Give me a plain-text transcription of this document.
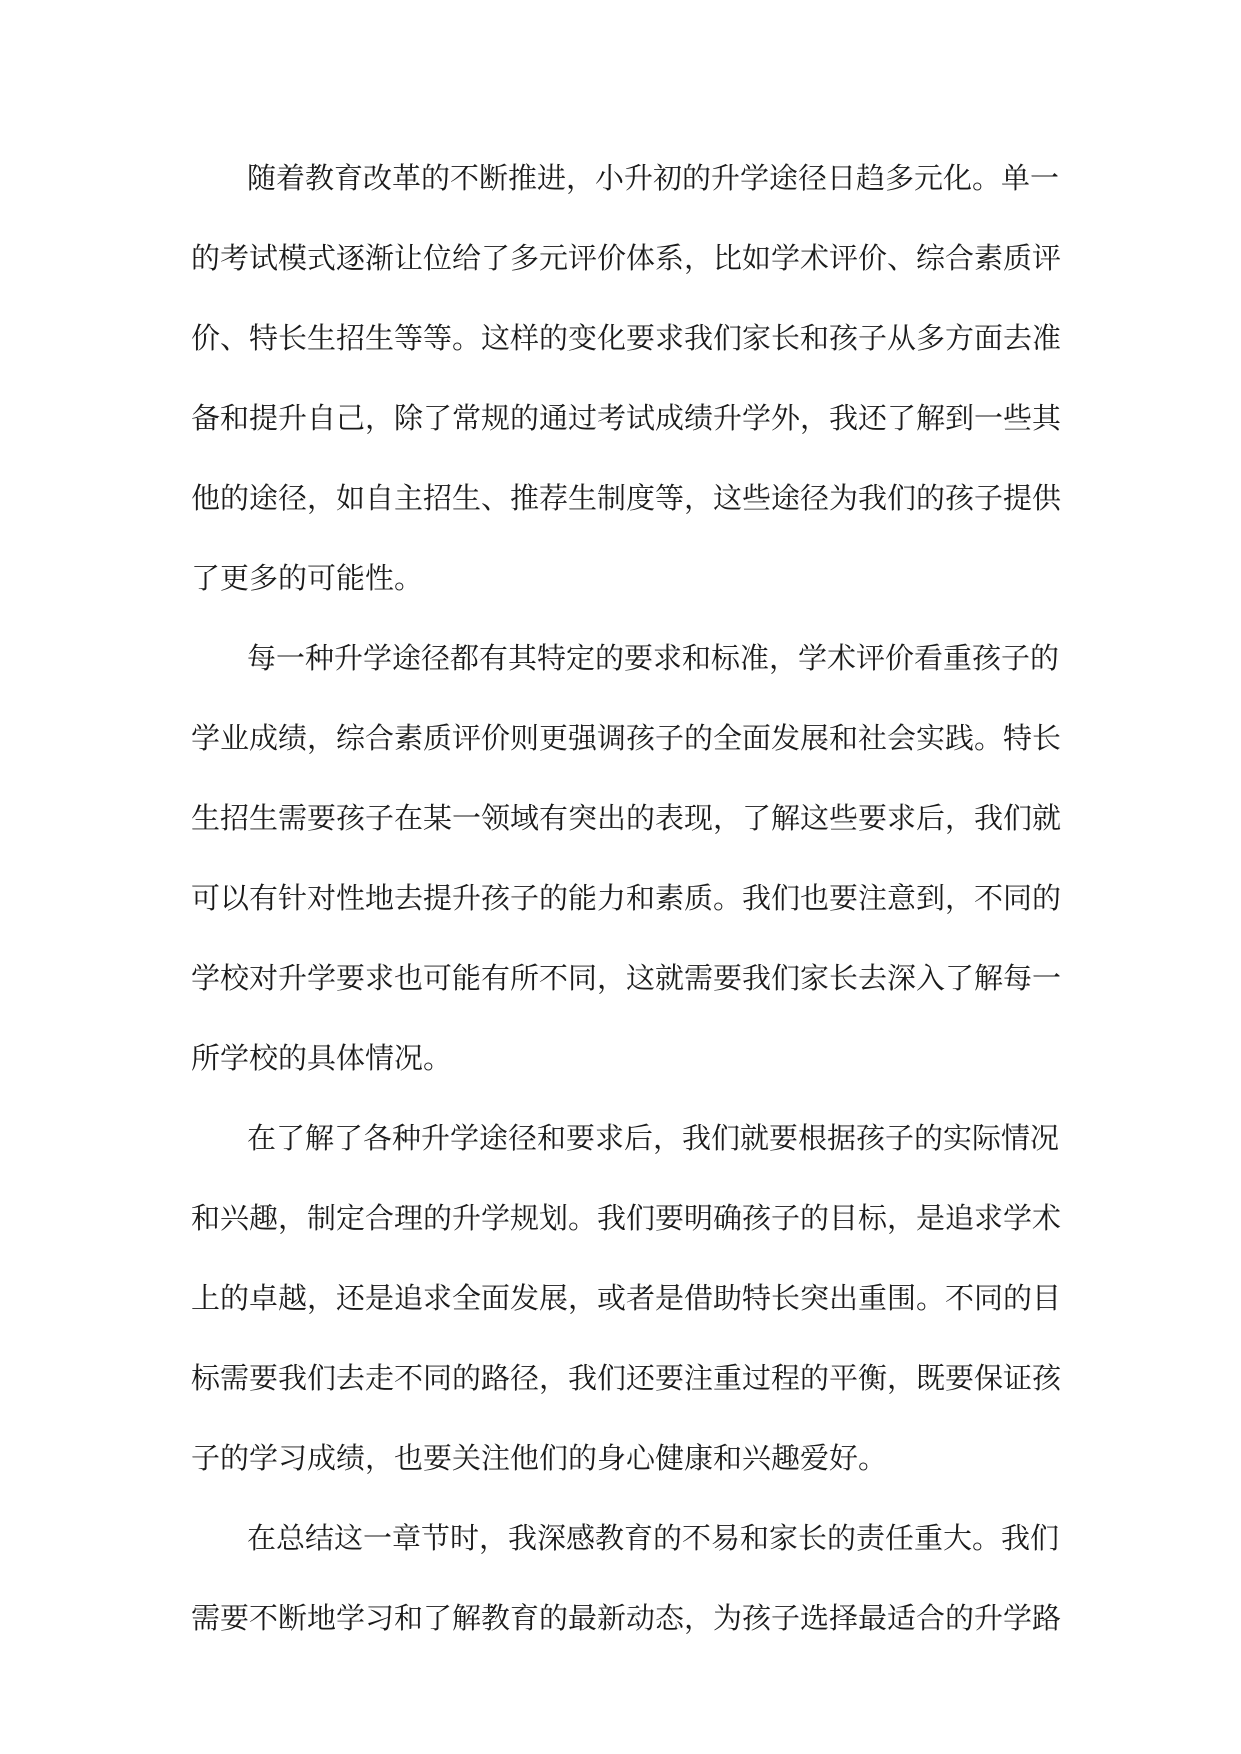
随着教育改革的不断推进，小升初的升学途径日趋多元化。单一
的考试模式逐渐让位给了多元评价体系，比如学术评价、综合素质评
价、特长生招生等等。这样的变化要求我们家长和孩子从多方面去准
备和提升自己，除了常规的通过考试成绩升学外，我还了解到一些其
他的途径，如自主招生、推荐生制度等，这些途径为我们的孩子提供
了更多的可能性。
每一种升学途径都有其特定的要求和标准，学术评价看重孩子的
学业成绩，综合素质评价则更强调孩子的全面发展和社会实践。特长
生招生需要孩子在某一领域有突出的表现，了解这些要求后，我们就
可以有针对性地去提升孩子的能力和素质。我们也要注意到，不同的
学校对升学要求也可能有所不同，这就需要我们家长去深入了解每一
所学校的具体情况。
在了解了各种升学途径和要求后，我们就要根据孩子的实际情况
和兴趣，制定合理的升学规划。我们要明确孩子的目标，是追求学术
上的卓越，还是追求全面发展，或者是借助特长突出重围。不同的目
标需要我们去走不同的路径，我们还要注重过程的平衡，既要保证孩
子的学习成绩，也要关注他们的身心健康和兴趣爱好。
在总结这一章节时，我深感教育的不易和家长的责任重大。我们
需要不断地学习和了解教育的最新动态，为孩子选择最适合的升学路
